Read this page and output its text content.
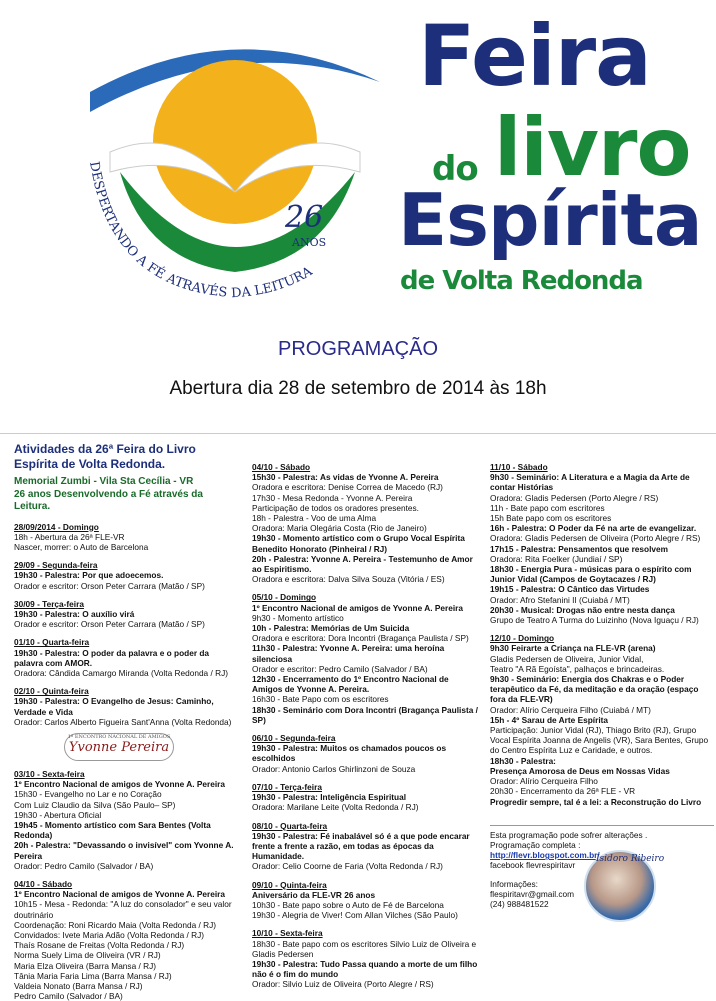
26
ANOS
DESPERTANDO A FÉ ATRAVÉS DA LEITURA
Feira
do livro
Espírita
de Volta Redonda
PROGRAMAÇÃO
Abertura dia 28 de setembro de 2014 às 18h
Atividades da 26ª Feira do Livro
Espírita de Volta Redonda.
Memorial Zumbi - Vila Sta Cecília - VR
26 anos Desenvolvendo a Fé através da Leitura.
28/09/2014 - Domingo
18h - Abertura da 26ª FLE-VR
Nascer, morrer: o Auto de Barcelona
29/09 - Segunda-feira
19h30 - Palestra: Por que adoecemos.
Orador e escritor: Orson Peter Carrara (Matão / SP)
30/09 - Terça-feira
19h30 - Palestra: O auxílio virá
Orador e escritor: Orson Peter Carrara (Matão / SP)
01/10 - Quarta-feira
19h30 - Palestra: O poder da palavra e o poder da palavra com AMOR.
Oradora: Cândida Camargo Miranda (Volta Redonda / RJ)
02/10 - Quinta-feira
19h30 - Palestra: O Evangelho de Jesus: Caminho, Verdade e Vida
Orador: Carlos Alberto Figueira Sant'Anna (Volta Redonda)
1º ENCONTRO NACIONAL DE AMIGOS
Yvonne Pereira
03/10 - Sexta-feira
1º Encontro Nacional de amigos de Yvonne A. Pereira
15h30 - Evangelho no Lar e no Coração
Com Luiz Claudio da Silva (São Paulo– SP)
19h30 - Abertura Oficial
19h45 - Momento artístico com Sara Bentes (Volta Redonda)
20h - Palestra: "Devassando o invisível" com Yvonne A. Pereira
Orador: Pedro Camilo (Salvador / BA)
04/10 - Sábado
1º Encontro Nacional de amigos de Yvonne A. Pereira
10h15 - Mesa - Redonda: "A luz do consolador" e seu valor doutrinário
Coordenação: Roni Ricardo Maia (Volta Redonda / RJ)
Convidados: Ivete Maria Adão (Volta Redonda / RJ)
Thaís Rosane de Freitas (Volta Redonda / RJ)
Norma Suely Lima de Oliveira (VR / RJ)
Maria Elza Oliveira (Barra Mansa / RJ)
Tânia Maria Faria Lima (Barra Mansa / RJ)
Valdeia Nonato (Barra Mansa / RJ)
Pedro Camilo (Salvador / BA)
04/10 - Sábado
15h30 - Palestra: As vidas de Yvonne A. Pereira
Oradora e escritora: Denise Correa de Macedo (RJ)
17h30 - Mesa Redonda - Yvonne A. Pereira
Participação de todos os oradores presentes.
18h - Palestra - Voo de uma Alma
Oradora: Maria Olegária Costa (Rio de Janeiro)
19h30 - Momento artístico com o Grupo Vocal Espírita Benedito Honorato (Pinheiral / RJ)
20h - Palestra: Yvonne A. Pereira - Testemunho de Amor ao Espiritismo.
Oradora e escritora: Dalva Silva Souza (Vitória / ES)
05/10 - Domingo
1º Encontro Nacional de amigos de Yvonne A. Pereira
9h30 - Momento artístico
10h - Palestra: Memórias de Um Suicida
Oradora e escritora: Dora Incontri (Bragança Paulista / SP)
11h30 - Palestra: Yvonne A. Pereira: uma heroína silenciosa
Orador e escritor: Pedro Camilo (Salvador / BA)
12h30 - Encerramento do 1º Encontro Nacional de Amigos de Yvonne A. Pereira.
16h30 - Bate Papo com os escritores
18h30 - Seminário com Dora Incontri (Bragança Paulista / SP)
06/10 - Segunda-feira
19h30 - Palestra: Muitos os chamados poucos os escolhidos
Orador: Antonio Carlos Ghirlinzoni de Souza
07/10 - Terça-feira
19h30 - Palestra: Inteligência Espiritual
Oradora: Marilane Leite (Volta Redonda / RJ)
08/10 - Quarta-feira
19h30 - Palestra: Fé inabalável só é a que pode encarar frente a frente a razão, em todas as épocas da Humanidade.
Orador: Celio Coorne de Faria (Volta Redonda / RJ)
09/10 - Quinta-feira
Aniversário da FLE-VR 26 anos
10h30 - Bate papo sobre o Auto de Fé de Barcelona
19h30 - Alegria de Viver! Com Allan Vilches (São Paulo)
10/10 - Sexta-feira
18h30 - Bate papo com os escritores Silvio Luiz de Oliveira e Gladis Pedersen
19h30 - Palestra: Tudo Passa quando a morte de um filho não é o fim do mundo
Orador: Silvio Luiz de Oliveira (Porto Alegre / RS)
11/10 - Sábado
9h30 - Seminário: A Literatura e a Magia da Arte de contar Histórias
Oradora: Gladis Pedersen (Porto Alegre / RS)
11h - Bate papo com escritores
15h Bate papo com os escritores
16h - Palestra: O Poder da Fé na arte de evangelizar.
Oradora: Gladis Pedersen de Oliveira (Porto Alegre / RS)
17h15 - Palestra: Pensamentos que resolvem
Oradora: Rita Foelker (Jundiaí / SP)
18h30 - Energia Pura - músicas para o espírito com Junior Vidal (Campos de Goytacazes / RJ)
19h15 - Palestra: O Cântico das Virtudes
Orador: Afro Stefanini II (Cuiabá / MT)
20h30 - Musical: Drogas não entre nesta dança
Grupo de Teatro A Turma do Luizinho (Nova Iguaçu / RJ)
12/10 - Domingo
9h30 Feirarte a Criança na FLE-VR (arena)
Gladis Pedersen de Oliveira, Junior Vidal,
Teatro "A Rã Egoísta", palhaços e brincadeiras.
9h30 - Seminário: Energia dos Chakras e o Poder terapêutico da Fé, da meditação e da oração (espaço fora da FLE-VR)
Orador: Alírio Cerqueira Filho (Cuiabá / MT)
15h - 4º Sarau de Arte Espírita
Participação: Junior Vidal (RJ), Thiago Brito (RJ), Grupo Vocal Espírita Joanna de Angelis (VR), Sara Bentes, Grupo do Centro Espírita Luz e Caridade, e outros.
18h30 - Palestra:
Presença Amorosa de Deus em Nossas Vidas
Orador: Alírio Cerqueira Filho
20h30 - Encerramento da 26ª FLE - VR
Progredir sempre, tal é a lei: a Reconstrução do Livro
Esta programação pode sofrer alterações .
Programação completa :
http://flevr.blogspot.com.br/
facebook flevrespiritavr
Informações:
flespiritavr@gmail.com
(24) 988481522
Isidoro Ribeiro
